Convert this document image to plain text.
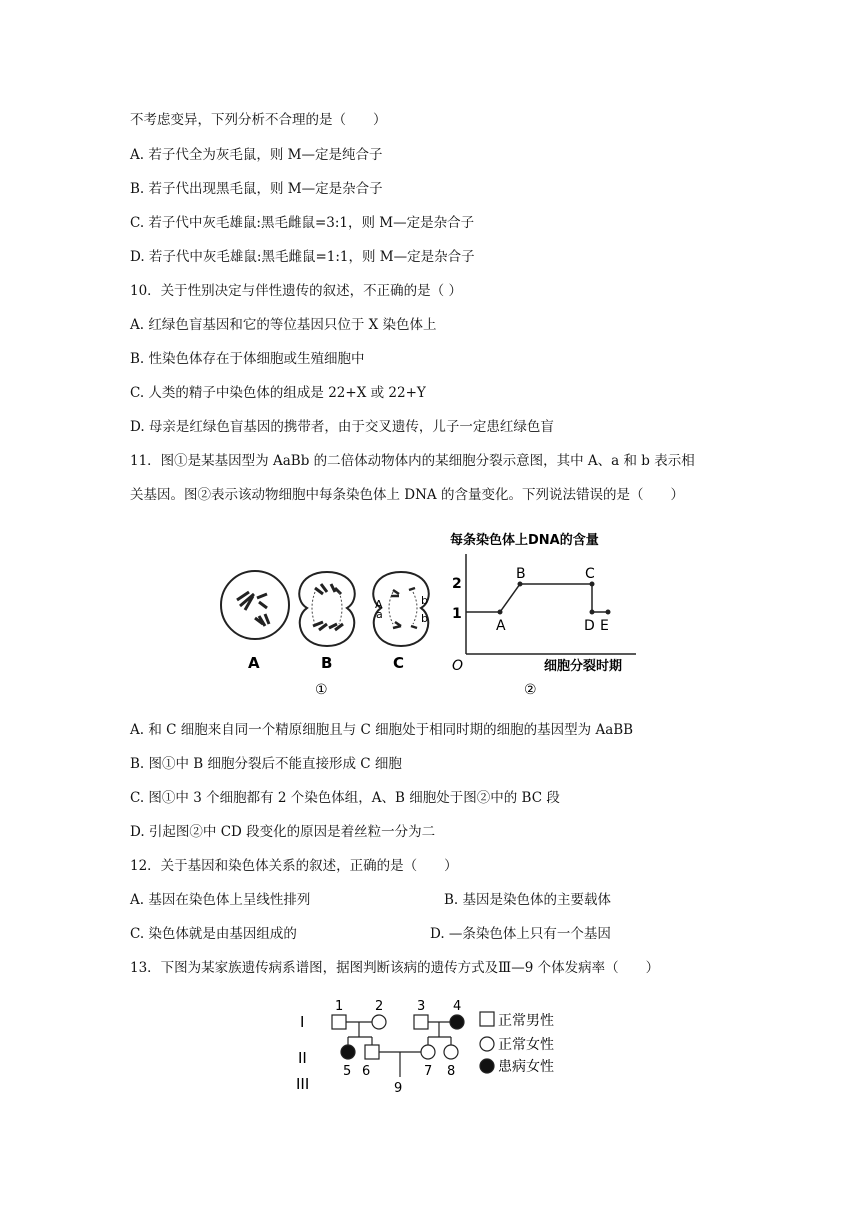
不考虑变异，下列分析不合理的是（　　）
A. 若子代全为灰毛鼠，则 M—定是纯合子
B. 若子代出现黑毛鼠，则 M—定是杂合子
C. 若子代中灰毛雄鼠:黑毛雌鼠=3:1，则 M—定是杂合子
D. 若子代中灰毛雄鼠:黑毛雌鼠=1:1，则 M—定是杂合子
10．关于性别决定与伴性遗传的叙述，不正确的是（ ）
A. 红绿色盲基因和它的等位基因只位于 X 染色体上
B. 性染色体存在于体细胞或生殖细胞中
C. 人类的精子中染色体的组成是 22+X 或 22+Y
D. 母亲是红绿色盲基因的携带者，由于交叉遗传，儿子一定患红绿色盲
11．图①是某基因型为 AaBb 的二倍体动物体内的某细胞分裂示意图，其中 A、a 和 b 表示相
关基因。图②表示该动物细胞中每条染色体上 DNA 的含量变化。下列说法错误的是（　　）
A
a
b
b
A	B	C
①
每条染色体上DNA的含量
2
1
O
A
B	C
D E
细胞分裂时期
②
A. 和 C 细胞来自同一个精原细胞且与 C 细胞处于相同时期的细胞的基因型为 AaBB
B. 图①中 B 细胞分裂后不能直接形成 C 细胞
C. 图①中 3 个细胞都有 2 个染色体组，A、B 细胞处于图②中的 BC 段
D. 引起图②中 CD 段变化的原因是着丝粒一分为二
12．关于基因和染色体关系的叙述，正确的是（　　）
A. 基因在染色体上呈线性排列	B. 基因是染色体的主要载体
C. 染色体就是由基因组成的	D. —条染色体上只有一个基因
13．下图为某家族遗传病系谱图，据图判断该病的遗传方式及Ⅲ—9 个体发病率（　　）
I
II
III
1 2	3 4
5 6	7 8
9
正常男性
正常女性
患病女性
